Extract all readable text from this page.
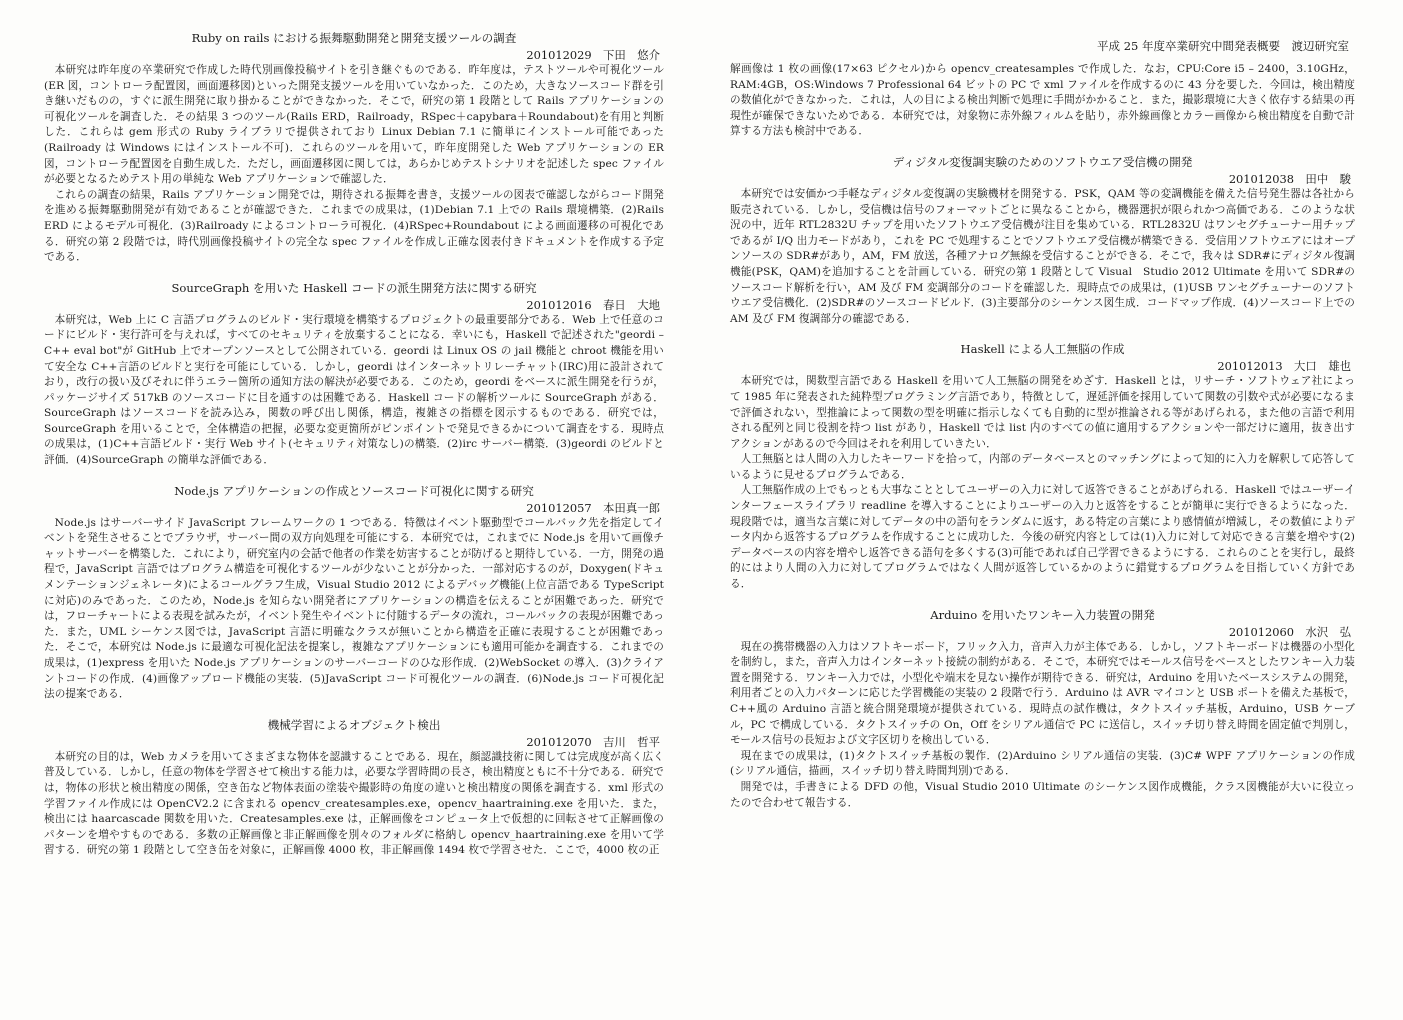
Ruby on rails における振舞駆動開発と開発支援ツールの調査
201012029　下田　悠介

本研究は昨年度の卒業研究で作成した時代別画像投稿サイトを引き継ぐものである．昨年度は，テストツールや可視化ツール(ER 図，コントローラ配置図，画面遷移図)といった開発支援ツールを用いていなかった．このため，大きなソースコード群を引き継いだものの，すぐに派生開発に取り掛かることができなかった．そこで，研究の第 1 段階として Rails アプリケーションの可視化ツールを調査した．その結果 3 つのツール(Rails ERD，Railroady，RSpec＋capybara＋Roundabout)を有用と判断した．これらは gem 形式の Ruby ライブラリで提供されており Linux Debian 7.1 に簡単にインストール可能であった(Railroady は Windows にはインストール不可)．これらのツールを用いて，昨年度開発した Web アプリケーションの ER 図，コントローラ配置図を自動生成した．ただし，画面遷移図に関しては，あらかじめテストシナリオを記述した spec ファイルが必要となるためテスト用の単純な Web アプリケーションで確認した．

これらの調査の結果，Rails アプリケーション開発では，期待される振舞を書き，支援ツールの図表で確認しながらコード開発を進める振舞駆動開発が有効であることが確認できた．これまでの成果は，(1)Debian 7.1 上での Rails 環境構築．(2)Rails ERD によるモデル可視化．(3)Railroady によるコントローラ可視化．(4)RSpec+Roundabout による画面遷移の可視化である．研究の第 2 段階では，時代別画像投稿サイトの完全な spec ファイルを作成し正確な図表付きドキュメントを作成する予定である．

SourceGraph を用いた Haskell コードの派生開発方法に関する研究
201012016　春日　大地

本研究は，Web 上に C 言語プログラムのビルド・実行環境を構築するプロジェクトの最重要部分である．Web 上で任意のコードにビルド・実行許可を与えれば，すべてのセキュリティを放棄することになる．幸いにも，Haskell で記述された"geordi – C++ eval bot"が GitHub 上でオープンソースとして公開されている．geordi は Linux OS の jail 機能と chroot 機能を用いて安全な C++言語のビルドと実行を可能にしている．しかし，geordi はインターネットリレーチャット(IRC)用に設計されており，改行の扱い及びそれに伴うエラー箇所の通知方法の解決が必要である．このため，geordi をベースに派生開発を行うが，パッケージサイズ 517kB のソースコードに目を通すのは困難である．Haskell コードの解析ツールに SourceGraph がある．SourceGraph はソースコードを読み込み，関数の呼び出し関係，構造，複雑さの指標を図示するものである．研究では，SourceGraph を用いることで，全体構造の把握，必要な変更箇所がピンポイントで発見できるかについて調査をする．現時点の成果は，(1)C++言語ビルド・実行 Web サイト(セキュリティ対策なし)の構築．(2)irc サーバー構築．(3)geordi のビルドと評価．(4)SourceGraph の簡単な評価である．

Node.js アプリケーションの作成とソースコード可視化に関する研究
201012057　本田真一郎

Node.js はサーバーサイド JavaScript フレームワークの 1 つである．特徴はイベント駆動型でコールバック先を指定してイベントを発生させることでブラウザ，サーバー間の双方向処理を可能にする．本研究では，これまでに Node.js を用いて画像チャットサーバーを構築した．これにより，研究室内の会話で他者の作業を妨害することが防げると期待している．一方，開発の過程で，JavaScript 言語ではプログラム構造を可視化するツールが少ないことが分かった．一部対応するのが，Doxygen(ドキュメンテーションジェネレータ)によるコールグラフ生成，Visual Studio 2012 によるデバッグ機能(上位言語である TypeScript に対応)のみであった．このため，Node.js を知らない開発者にアプリケーションの構造を伝えることが困難であった．研究では，フローチャートによる表現を試みたが，イベント発生やイベントに付随するデータの流れ，コールバックの表現が困難であった．また，UML シーケンス図では，JavaScript 言語に明確なクラスが無いことから構造を正確に表現することが困難であった．そこで，本研究は Node.js に最適な可視化記法を提案し，複雑なアプリケーションにも適用可能かを調査する．これまでの成果は，(1)express を用いた Node.js アプリケーションのサーバーコードのひな形作成．(2)WebSocket の導入．(3)クライアントコードの作成．(4)画像アップロード機能の実装．(5)JavaScript コード可視化ツールの調査．(6)Node.js コード可視化記法の提案である．

機械学習によるオブジェクト検出
201012070　吉川　哲平

本研究の目的は，Web カメラを用いてさまざまな物体を認識することである．現在，顔認識技術に関しては完成度が高く広く普及している．しかし，任意の物体を学習させて検出する能力は，必要な学習時間の長さ，検出精度ともに不十分である．研究では，物体の形状と検出精度の関係，空き缶など物体表面の塗装や撮影時の角度の違いと検出精度の関係を調査する．xml 形式の学習ファイル作成には OpenCV2.2 に含まれる opencv_createsamples.exe，opencv_haartraining.exe を用いた．また，検出には haarcascade 関数を用いた．Createsamples.exe は，正解画像をコンピュータ上で仮想的に回転させて正解画像のパターンを増やすものである．多数の正解画像と非正解画像を別々のフォルダに格納し opencv_haartraining.exe を用いて学習する．研究の第 1 段階として空き缶を対象に，正解画像 4000 枚，非正解画像 1494 枚で学習させた．ここで，4000 枚の正

平成 25 年度卒業研究中間発表概要　渡辺研究室

解画像は 1 枚の画像(17×63 ピクセル)から opencv_createsamples で作成した．なお，CPU:Core i5 – 2400，3.10GHz，RAM:4GB，OS:Windows 7 Professional 64 ビットの PC で xml ファイルを作成するのに 43 分を要した．今回は，検出精度の数値化ができなかった．これは，人の目による検出判断で処理に手間がかかること．また，撮影環境に大きく依存する結果の再現性が確保できないためである．本研究では，対象物に赤外線フィルムを貼り，赤外線画像とカラー画像から検出精度を自動で計算する方法も検討中である．

ディジタル変復調実験のためのソフトウエア受信機の開発
201012038　田中　駿

本研究では安価かつ手軽なディジタル変復調の実験機材を開発する．PSK，QAM 等の変調機能を備えた信号発生器は各社から販売されている．しかし，受信機は信号のフォーマットごとに異なることから，機器選択が限られかつ高価である．このような状況の中，近年 RTL2832U チップを用いたソフトウエア受信機が注目を集めている．RTL2832U はワンセグチューナー用チップであるが I/Q 出力モードがあり，これを PC で処理することでソフトウエア受信機が構築できる．受信用ソフトウエアにはオープンソースの SDR#があり，AM，FM 放送，各種アナログ無線を受信することができる．そこで，我々は SDR#にディジタル復調機能(PSK，QAM)を追加することを計画している．研究の第 1 段階として Visual　Studio 2012 Ultimate を用いて SDR#のソースコード解析を行い，AM 及び FM 変調部分のコードを確認した．現時点での成果は，(1)USB ワンセグチューナーのソフトウエア受信機化．(2)SDR#のソースコードビルド．(3)主要部分のシーケンス図生成．コードマップ作成．(4)ソースコード上での AM 及び FM 復調部分の確認である．

Haskell による人工無脳の作成
201012013　大口　雄也

本研究では，関数型言語である Haskell を用いて人工無脳の開発をめざす．Haskell とは，リサーチ・ソフトウェア社によって 1985 年に発表された純粋型プログラミング言語であり，特徴として，遅延評価を採用していて関数の引数や式が必要になるまで評価されない，型推論によって関数の型を明確に指示しなくても自動的に型が推論される等があげられる，また他の言語で利用される配列と同じ役割を持つ list があり，Haskell では list 内のすべての値に適用するアクションや一部だけに適用，抜き出すアクションがあるので今回はそれを利用していきたい．

人工無脳とは人間の入力したキーワードを拾って，内部のデータベースとのマッチングによって知的に入力を解釈して応答しているように見せるプログラムである．

人工無脳作成の上でもっとも大事なこととしてユーザーの入力に対して返答できることがあげられる．Haskell ではユーザーインターフェースライブラリ readline を導入することによりユーザーの入力と返答をすることが簡単に実行できるようになった．現段階では，適当な言葉に対してデータの中の語句をランダムに返す，ある特定の言葉により感情値が増減し，その数値によりデータ内から返答するプログラムを作成することに成功した．今後の研究内容としては(1)入力に対して対応できる言葉を増やす(2)データベースの内容を増やし返答できる語句を多くする(3)可能であれば自己学習できるようにする．これらのことを実行し，最終的にはより人間の入力に対してプログラムではなく人間が返答しているかのように錯覚するプログラムを目指していく方針である．

Arduino を用いたワンキー入力装置の開発
201012060　水沢　弘

現在の携帯機器の入力はソフトキーボード，フリック入力，音声入力が主体である．しかし，ソフトキーボードは機器の小型化を制約し，また，音声入力はインターネット接続の制約がある．そこで，本研究ではモールス信号をベースとしたワンキー入力装置を開発する．ワンキー入力では，小型化や端末を見ない操作が期待できる．研究は，Arduino を用いたベースシステムの開発，利用者ごとの入力パターンに応じた学習機能の実装の 2 段階で行う．Arduino は AVR マイコンと USB ポートを備えた基板で，C++風の Arduino 言語と統合開発環境が提供されている．現時点の試作機は，タクトスイッチ基板，Arduino，USB ケーブル，PC で構成している．タクトスイッチの On，Off をシリアル通信で PC に送信し，スイッチ切り替え時間を固定値で判別し，モールス信号の長短および文字区切りを検出している．

現在までの成果は，(1)タクトスイッチ基板の製作．(2)Arduino シリアル通信の実装．(3)C# WPF アプリケーションの作成(シリアル通信，描画，スイッチ切り替え時間判別)である．

開発では，手書きによる DFD の他，Visual Studio 2010 Ultimate のシーケンス図作成機能，クラス図機能が大いに役立ったので合わせて報告する．
